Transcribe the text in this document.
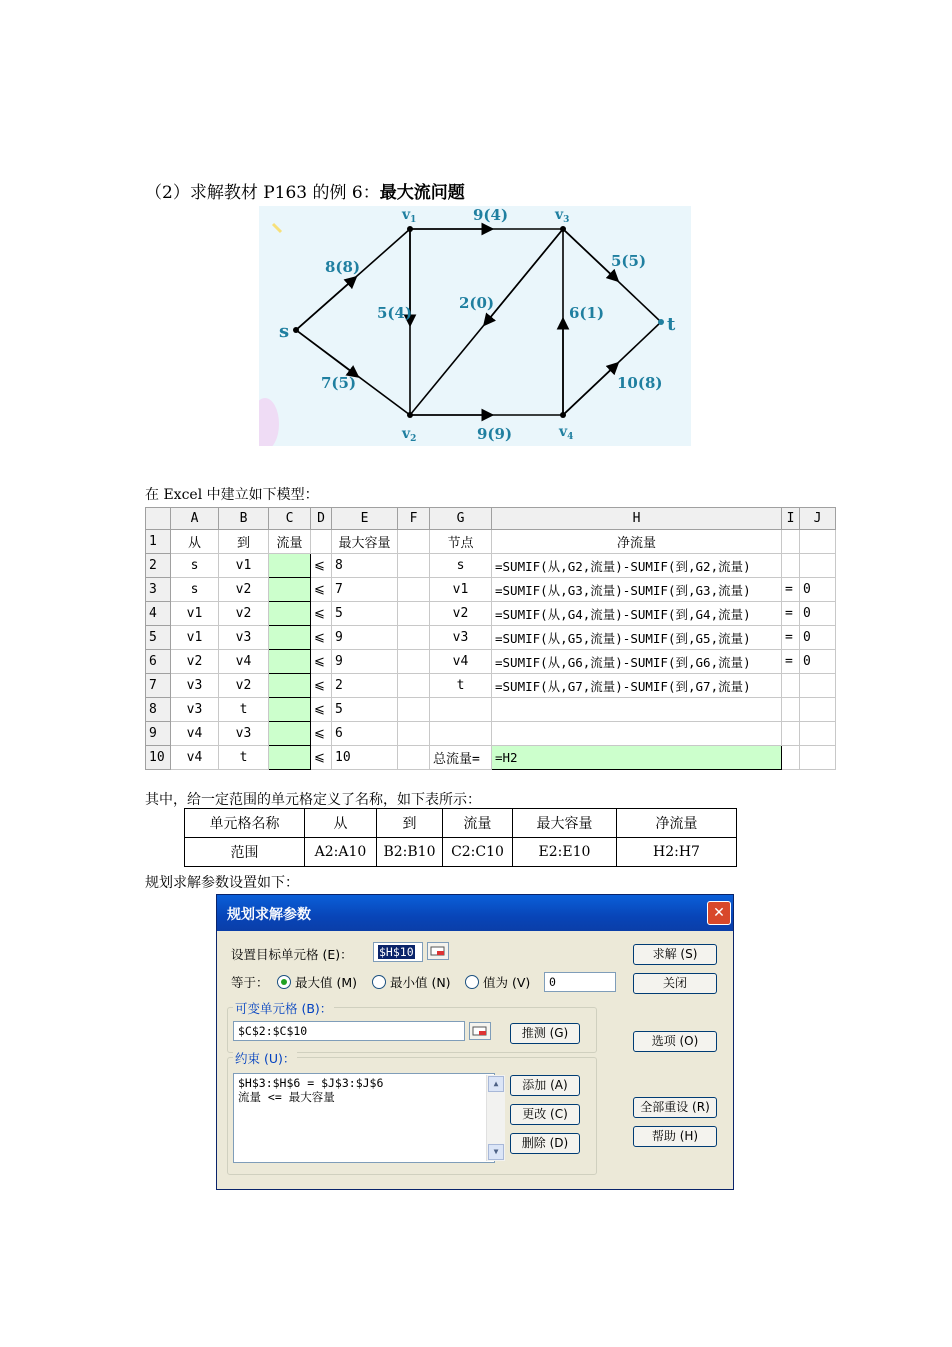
（2）求解教材 P163 的例 6：最大流问题
s	t
$v_1$
$v_2$
$v_3$
$v_4$
8(8)
7(5)
5(4)
9(4)
2(0)
9(9)
6(1)
5(5)
10(8)
在 Excel 中建立如下模型：
	A	B	C	D	E	F	G	H	I	J
1	从	到	流量		最大容量		节点	净流量		
2	s	v1		⩽	8		s	=SUMIF(从,G2,流量)-SUMIF(到,G2,流量)		
3	s	v2		⩽	7		v1	=SUMIF(从,G3,流量)-SUMIF(到,G3,流量)	=	0
4	v1	v2		⩽	5		v2	=SUMIF(从,G4,流量)-SUMIF(到,G4,流量)	=	0
5	v1	v3		⩽	9		v3	=SUMIF(从,G5,流量)-SUMIF(到,G5,流量)	=	0
6	v2	v4		⩽	9		v4	=SUMIF(从,G6,流量)-SUMIF(到,G6,流量)	=	0
7	v3	v2		⩽	2		t	=SUMIF(从,G7,流量)-SUMIF(到,G7,流量)		
8	v3	t		⩽	5					
9	v4	v3		⩽	6					
10	v4	t		⩽	10		总流量=	=H2		
其中，给一定范围的单元格定义了名称，如下表所示：
单元格名称	从	到	流量	最大容量	净流量
范围	A2:A10	B2:B10	C2:C10	E2:E10	H2:H7
规划求解参数设置如下：
规划求解参数	✕
设置目标单元格 (E)：	$H$10
等于：	最大值 (M)	最小值 (N)	值为 (V)	0
可变单元格 (B)：
$C$2:$C$10	推测 (G)
约束 (U)：
$H$3:$H$6 = $J$3:$J$6
流量 <= 最大容量
▲
▼
添加 (A)
更改 (C)
删除 (D)
求解 (S)
关闭
选项 (O)
全部重设 (R)
帮助 (H)
